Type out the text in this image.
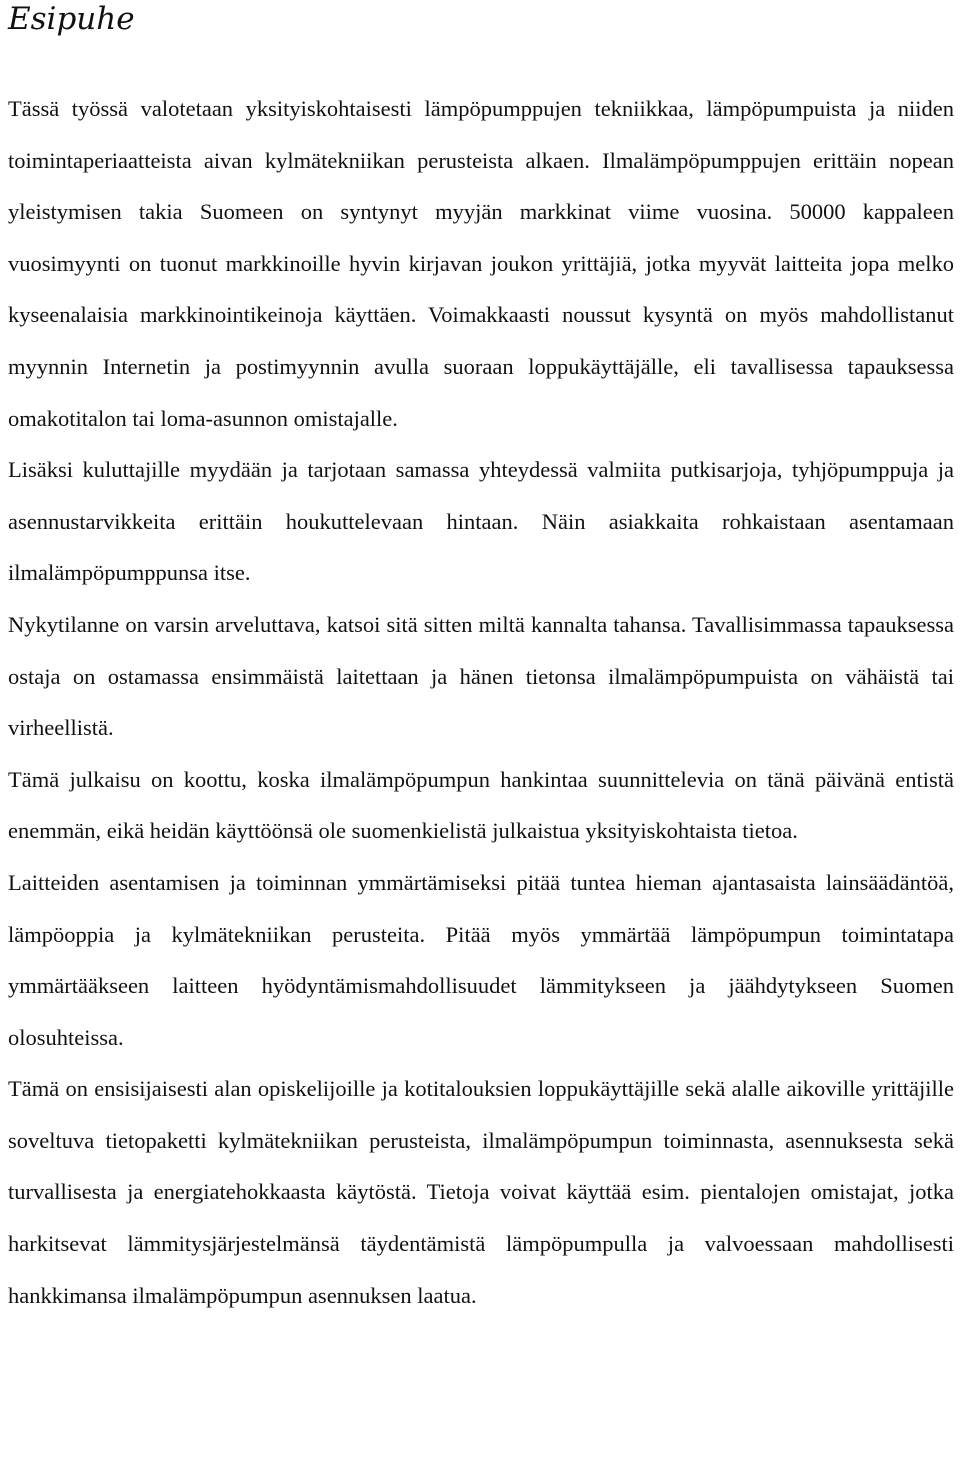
Esipuhe

Tässä työssä valotetaan yksityiskohtaisesti lämpöpumppujen tekniikkaa, lämpöpumpuista ja niiden toimintaperiaatteista aivan kylmätekniikan perusteista alkaen. Ilmalämpöpumppujen erittäin nopean yleistymisen takia Suomeen on syntynyt myyjän markkinat viime vuosina. 50000 kappaleen vuosimyynti on tuonut markkinoille hyvin kirjavan joukon yrittäjiä, jotka myyvät laitteita jopa melko kyseenalaisia markkinointikeinoja käyttäen. Voimakkaasti noussut kysyntä on myös mahdollistanut myynnin Internetin ja postimyynnin avulla suoraan loppukäyttäjälle, eli tavallisessa tapauksessa omakotitalon tai loma-asunnon omistajalle.

Lisäksi kuluttajille myydään ja tarjotaan samassa yhteydessä valmiita putkisarjoja, tyhjöpumppuja ja asennustarvikkeita erittäin houkuttelevaan hintaan. Näin asiakkaita rohkaistaan asentamaan ilmalämpöpumppunsa itse.

Nykytilanne on varsin arveluttava, katsoi sitä sitten miltä kannalta tahansa. Tavallisimmassa tapauksessa ostaja on ostamassa ensimmäistä laitettaan ja hänen tietonsa ilmalämpöpumpuista on vähäistä tai virheellistä.

Tämä julkaisu on koottu, koska ilmalämpöpumpun hankintaa suunnittelevia on tänä päivänä entistä enemmän, eikä heidän käyttöönsä ole suomenkielistä julkaistua yksityiskohtaista tietoa.

Laitteiden asentamisen ja toiminnan ymmärtämiseksi pitää tuntea hieman ajantasaista lainsäädäntöä, lämpöoppia ja kylmätekniikan perusteita. Pitää myös ymmärtää lämpöpumpun toimintatapa ymmärtääkseen laitteen hyödyntämismahdollisuudet lämmitykseen ja jäähdytykseen Suomen olosuhteissa.

Tämä on ensisijaisesti alan opiskelijoille ja kotitalouksien loppukäyttäjille sekä alalle aikoville yrittäjille soveltuva tietopaketti kylmätekniikan perusteista, ilmalämpöpumpun toiminnasta, asennuksesta sekä turvallisesta ja energiatehokkaasta käytöstä. Tietoja voivat käyttää esim. pientalojen omistajat, jotka harkitsevat lämmitysjärjestelmänsä täydentämistä lämpöpumpulla ja valvoessaan mahdollisesti hankkimansa ilmalämpöpumpun asennuksen laatua.
